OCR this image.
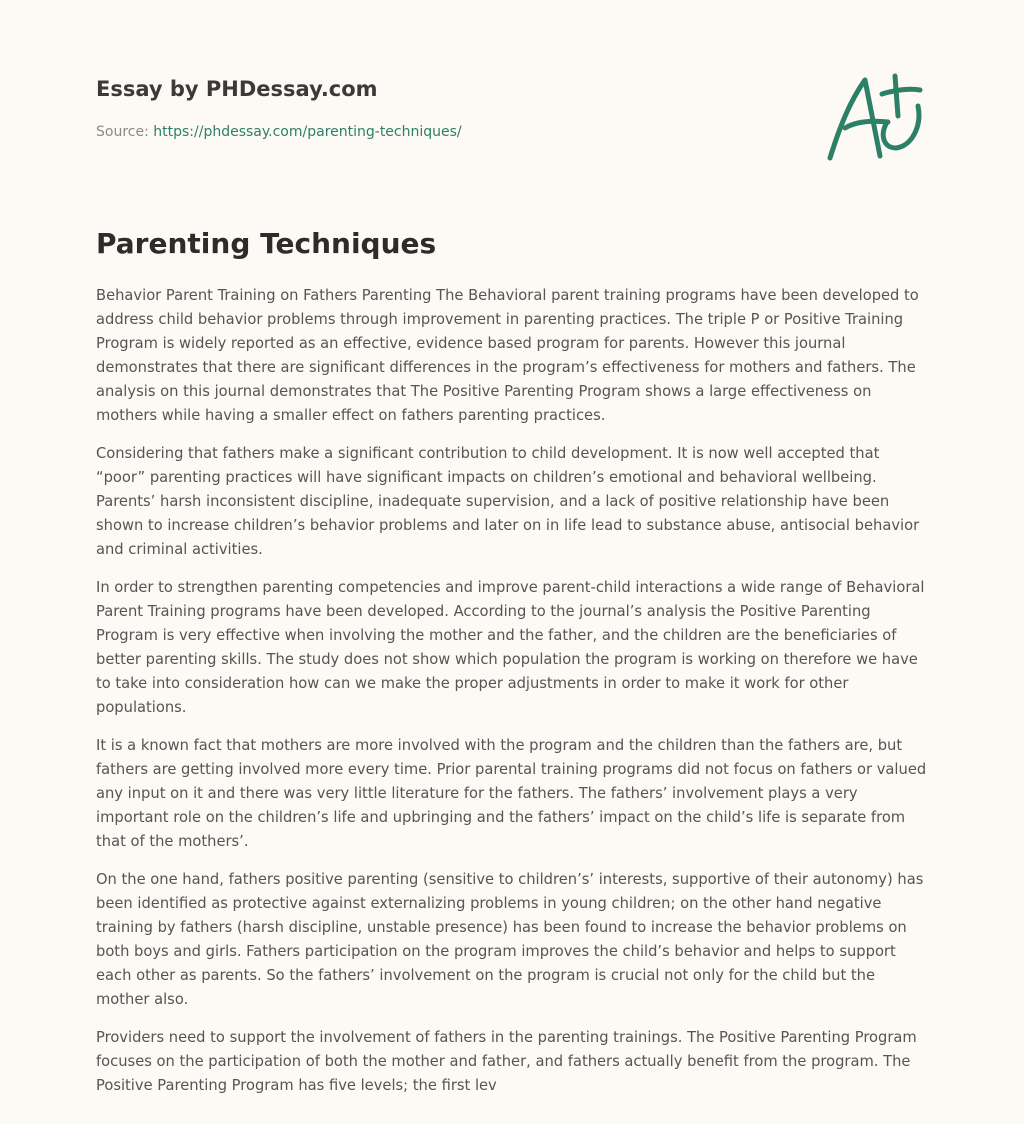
Essay by PHDessay.com
Source: https://phdessay.com/parenting-techniques/
Parenting Techniques

Behavior Parent Training on Fathers Parenting The Behavioral parent training programs have been developed to address child behavior problems through improvement in parenting practices. The triple P or Positive Training Program is widely reported as an effective, evidence based program for parents. However this journal demonstrates that there are significant differences in the program’s effectiveness for mothers and fathers. The analysis on this journal demonstrates that The Positive Parenting Program shows a large effectiveness on mothers while having a smaller effect on fathers parenting practices.

Considering that fathers make a significant contribution to child development. It is now well accepted that “poor” parenting practices will have significant impacts on children’s emotional and behavioral wellbeing. Parents’ harsh inconsistent discipline, inadequate supervision, and a lack of positive relationship have been shown to increase children’s behavior problems and later on in life lead to substance abuse, antisocial behavior and criminal activities.

In order to strengthen parenting competencies and improve parent-child interactions a wide range of Behavioral Parent Training programs have been developed. According to the journal’s analysis the Positive Parenting Program is very effective when involving the mother and the father, and the children are the beneficiaries of better parenting skills. The study does not show which population the program is working on therefore we have to take into consideration how can we make the proper adjustments in order to make it work for other populations.

It is a known fact that mothers are more involved with the program and the children than the fathers are, but fathers are getting involved more every time. Prior parental training programs did not focus on fathers or valued any input on it and there was very little literature for the fathers. The fathers’ involvement plays a very important role on the children’s life and upbringing and the fathers’ impact on the child’s life is separate from that of the mothers’.

On the one hand, fathers positive parenting (sensitive to children’s’ interests, supportive of their autonomy) has been identified as protective against externalizing problems in young children; on the other hand negative training by fathers (harsh discipline, unstable presence) has been found to increase the behavior problems on both boys and girls. Fathers participation on the program improves the child’s behavior and helps to support each other as parents. So the fathers’ involvement on the program is crucial not only for the child but the mother also.

Providers need to support the involvement of fathers in the parenting trainings. The Positive Parenting Program focuses on the participation of both the mother and father, and fathers actually benefit from the program. The Positive Parenting Program has five levels; the first lev
